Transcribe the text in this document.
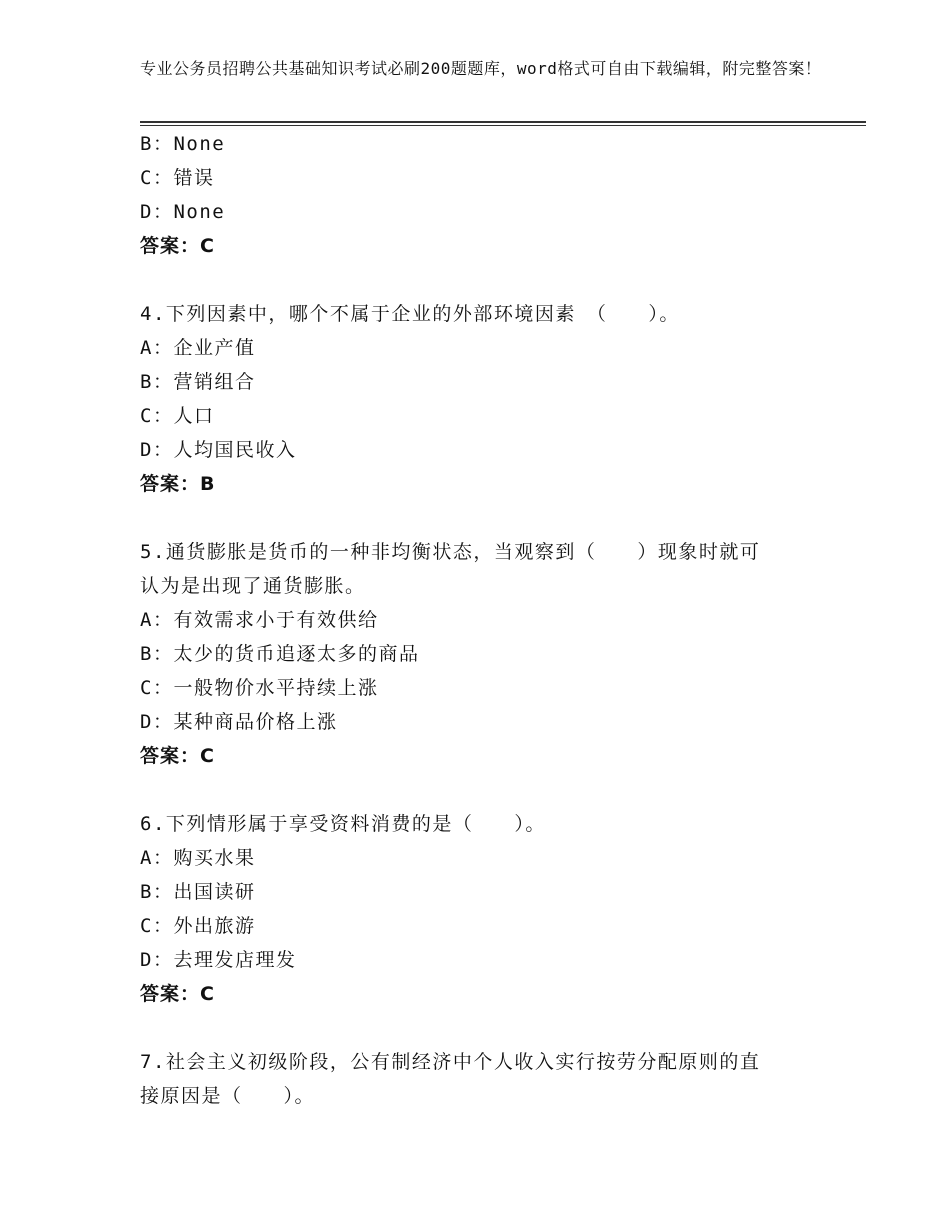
专业公务员招聘公共基础知识考试必刷200题题库，word格式可自由下载编辑，附完整答案！
B：None
C：错误
D：None
答案：C
4.下列因素中，哪个不属于企业的外部环境因素　（　　）。
A：企业产值
B：营销组合
C：人口
D：人均国民收入
答案：B
5.通货膨胀是货币的一种非均衡状态，当观察到（　　）现象时就可
认为是出现了通货膨胀。
A：有效需求小于有效供给
B：太少的货币追逐太多的商品
C：一般物价水平持续上涨
D：某种商品价格上涨
答案：C
6.下列情形属于享受资料消费的是（　　）。
A：购买水果
B：出国读研
C：外出旅游
D：去理发店理发
答案：C
7.社会主义初级阶段，公有制经济中个人收入实行按劳分配原则的直
接原因是（　　）。
